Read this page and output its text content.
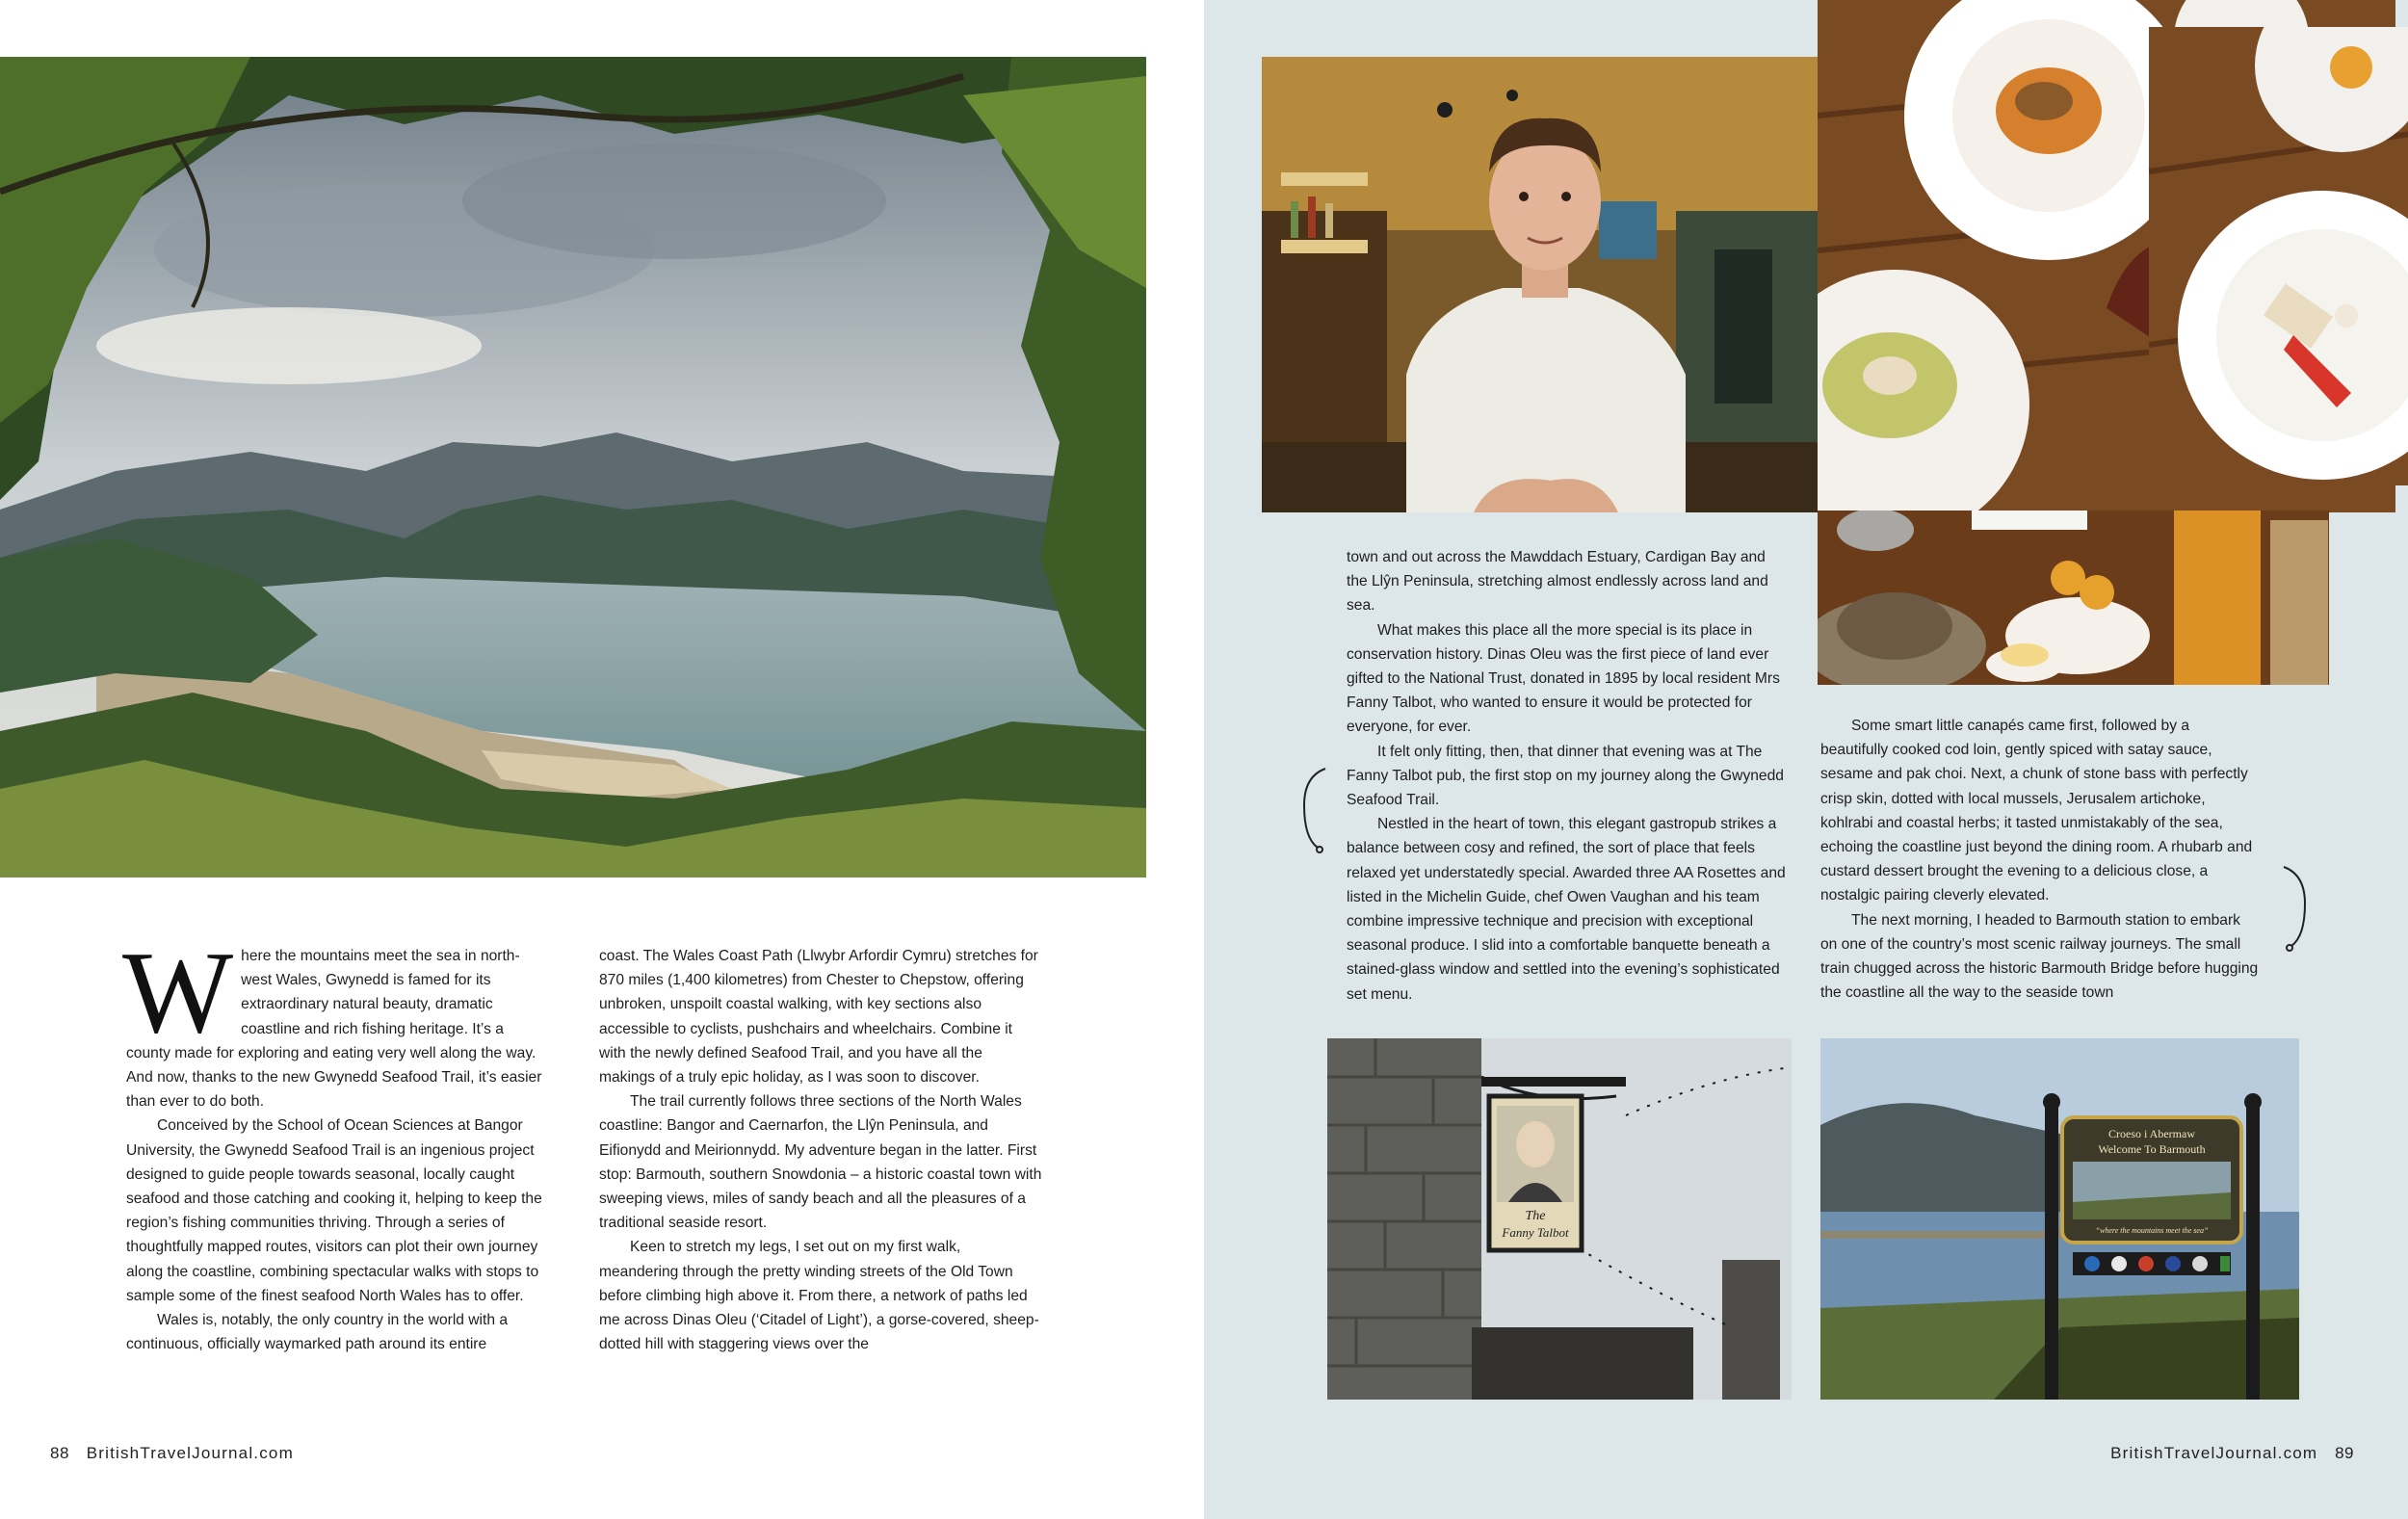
W here the mountains meet the sea in north-west Wales, Gwynedd is famed for its extraordinary natural beauty, dramatic coastline and rich fishing heritage. It’s a county made for exploring and eating very well along the way. And now, thanks to the new Gwynedd Seafood Trail, it’s easier than ever to do both.

Conceived by the School of Ocean Sciences at Bangor University, the Gwynedd Seafood Trail is an ingenious project designed to guide people towards seasonal, locally caught seafood and those catching and cooking it, helping to keep the region’s fishing communities thriving. Through a series of thoughtfully mapped routes, visitors can plot their own journey along the coastline, combining spectacular walks with stops to sample some of the finest seafood North Wales has to offer.

Wales is, notably, the only country in the world with a continuous, officially waymarked path around its entire

coast. The Wales Coast Path (Llwybr Arfordir Cymru) stretches for 870 miles (1,400 kilometres) from Chester to Chepstow, offering unbroken, unspoilt coastal walking, with key sections also accessible to cyclists, pushchairs and wheelchairs. Combine it with the newly defined Seafood Trail, and you have all the makings of a truly epic holiday, as I was soon to discover.

The trail currently follows three sections of the North Wales coastline: Bangor and Caernarfon, the Llŷn Peninsula, and Eifionydd and Meirionnydd. My adventure began in the latter. First stop: Barmouth, southern Snowdonia – a historic coastal town with sweeping views, miles of sandy beach and all the pleasures of a traditional seaside resort.

Keen to stretch my legs, I set out on my first walk, meandering through the pretty winding streets of the Old Town before climbing high above it. From there, a network of paths led me across Dinas Oleu (‘Citadel of Light’), a gorse-covered, sheep-dotted hill with staggering views over the

88 BritishTravelJournal.com

town and out across the Mawddach Estuary, Cardigan Bay and the Llŷn Peninsula, stretching almost endlessly across land and sea.

What makes this place all the more special is its place in conservation history. Dinas Oleu was the first piece of land ever gifted to the National Trust, donated in 1895 by local resident Mrs Fanny Talbot, who wanted to ensure it would be protected for everyone, for ever.

It felt only fitting, then, that dinner that evening was at The Fanny Talbot pub, the first stop on my journey along the Gwynedd Seafood Trail.

Nestled in the heart of town, this elegant gastropub strikes a balance between cosy and refined, the sort of place that feels relaxed yet understatedly special. Awarded three AA Rosettes and listed in the Michelin Guide, chef Owen Vaughan and his team combine impressive technique and precision with exceptional seasonal produce. I slid into a comfortable banquette beneath a stained-glass window and settled into the evening’s sophisticated set menu.

Some smart little canapés came first, followed by a beautifully cooked cod loin, gently spiced with satay sauce, sesame and pak choi. Next, a chunk of stone bass with perfectly crisp skin, dotted with local mussels, Jerusalem artichoke, kohlrabi and coastal herbs; it tasted unmistakably of the sea, echoing the coastline just beyond the dining room. A rhubarb and custard dessert brought the evening to a delicious close, a nostalgic pairing cleverly elevated.

The next morning, I headed to Barmouth station to embark on one of the country’s most scenic railway journeys. The small train chugged across the historic Barmouth Bridge before hugging the coastline all the way to the seaside town

The
Fanny Talbot
Croeso i Abermaw
Welcome To Barmouth
“where the mountains meet the sea”
BritishTravelJournal.com 89
